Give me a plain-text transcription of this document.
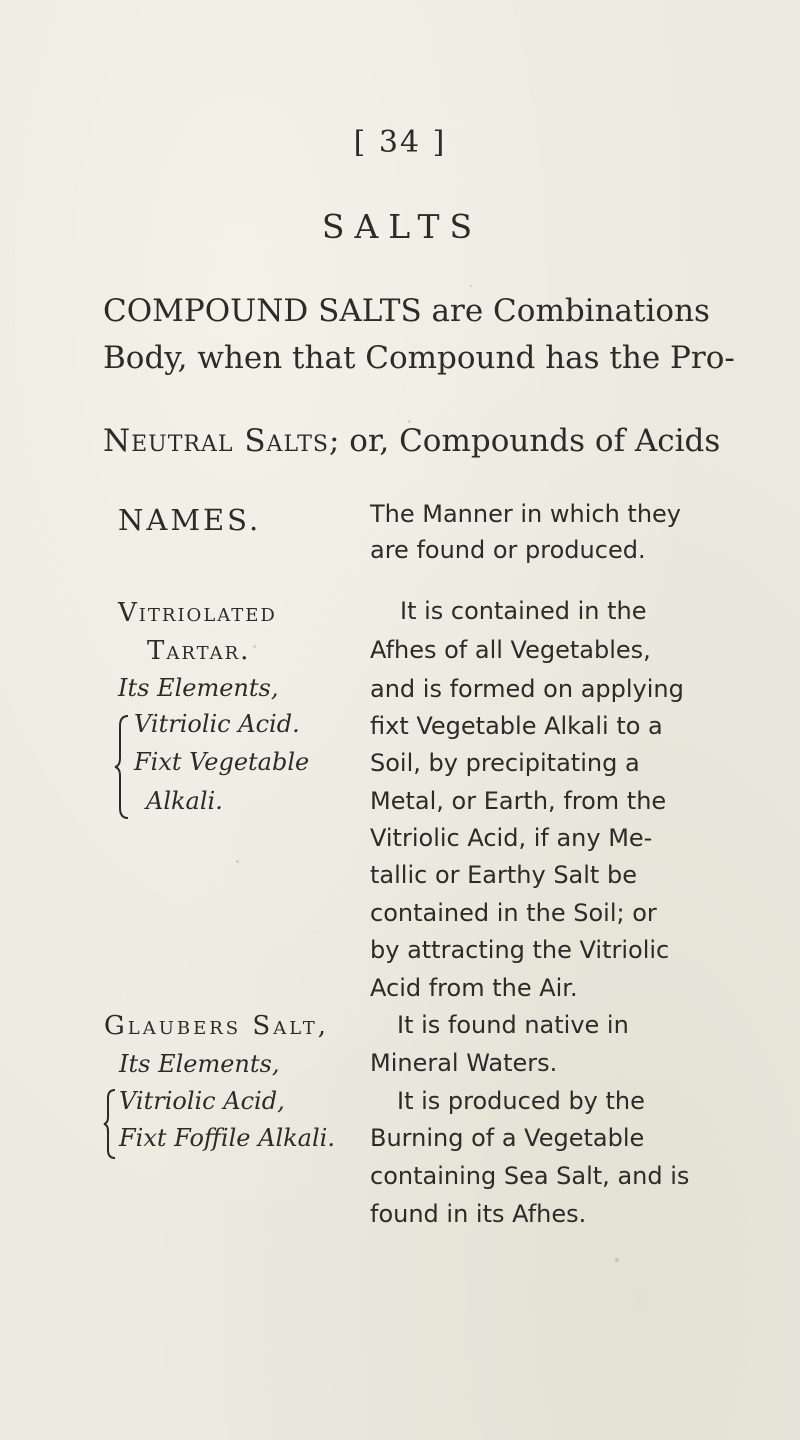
[ 34 ]
SALTS
COMPOUND SALTS are Combinations
Body, when that Compound has the Pro-
Neutral Salts; or, Compounds of Acids
NAMES.	The Manner in which they
are found or produced.
Vitriolated
Tartar.
Its Elements,
Vitriolic Acid.
Fixt Vegetable
Alkali.
It is contained in the
Afhes of all Vegetables,
and is formed on applying
fixt Vegetable Alkali to a
Soil, by precipitating a
Metal, or Earth, from the
Vitriolic Acid, if any Me-
tallic or Earthy Salt be
contained in the Soil; or
by attracting the Vitriolic
Acid from the Air.
Glaubers Salt,
Its Elements,
Vitriolic Acid,
Fixt Foffile Alkali.
It is found native in
Mineral Waters.
It is produced by the
Burning of a Vegetable
containing Sea Salt, and is
found in its Afhes.
